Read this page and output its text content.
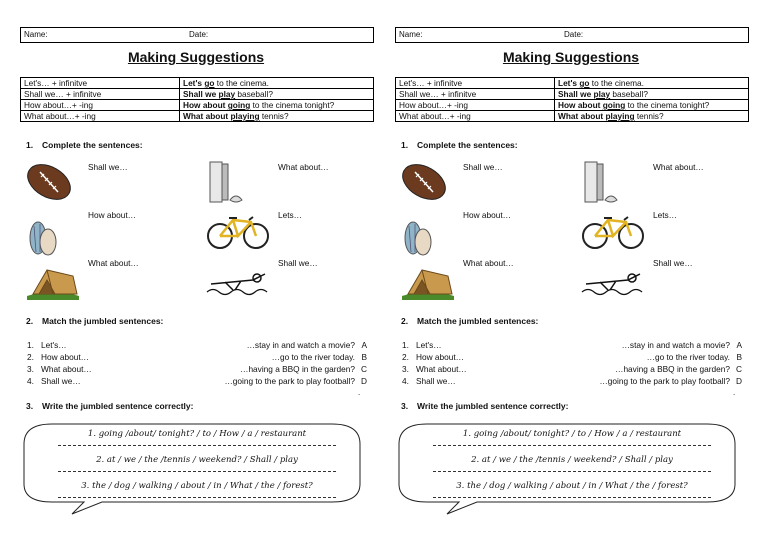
Name:	Date:
Making Suggestions
Let's… + infinitve	Let's go to the cinema.
Shall we… + infinitve	Shall we play baseball?
How about…+ -ing	How about going to the cinema tonight?
What about…+ -ing	What about playing tennis?
1. Complete the sentences:
Shall we…	What about…
How about…	Lets…
What about…	Shall we…
2. Match the jumbled sentences:
1. Let's…	…stay in and watch a movie? A
2. How about…	…go to the river today. B
3. What about…	…having a BBQ in the garden? C
4. Shall we…	…going to the park to play football? D
.
3. Write the jumbled sentence correctly:
1. going /about/ tonight? / to / How / a / restaurant
2. at / we / the /tennis / weekend? / Shall / play
3. the / dog / walking / about / in / What / the / forest?
Name:	Date:
Making Suggestions
Let's… + infinitve	Let's go to the cinema.
Shall we… + infinitve	Shall we play baseball?
How about…+ -ing	How about going to the cinema tonight?
What about…+ -ing	What about playing tennis?
1. Complete the sentences:
Shall we…	What about…
How about…	Lets…
What about…	Shall we…
2. Match the jumbled sentences:
1. Let's…	…stay in and watch a movie? A
2. How about…	…go to the river today. B
3. What about…	…having a BBQ in the garden? C
4. Shall we…	…going to the park to play football? D
.
3. Write the jumbled sentence correctly:
1. going /about/ tonight? / to / How / a / restaurant
2. at / we / the /tennis / weekend? / Shall / play
3. the / dog / walking / about / in / What / the / forest?
